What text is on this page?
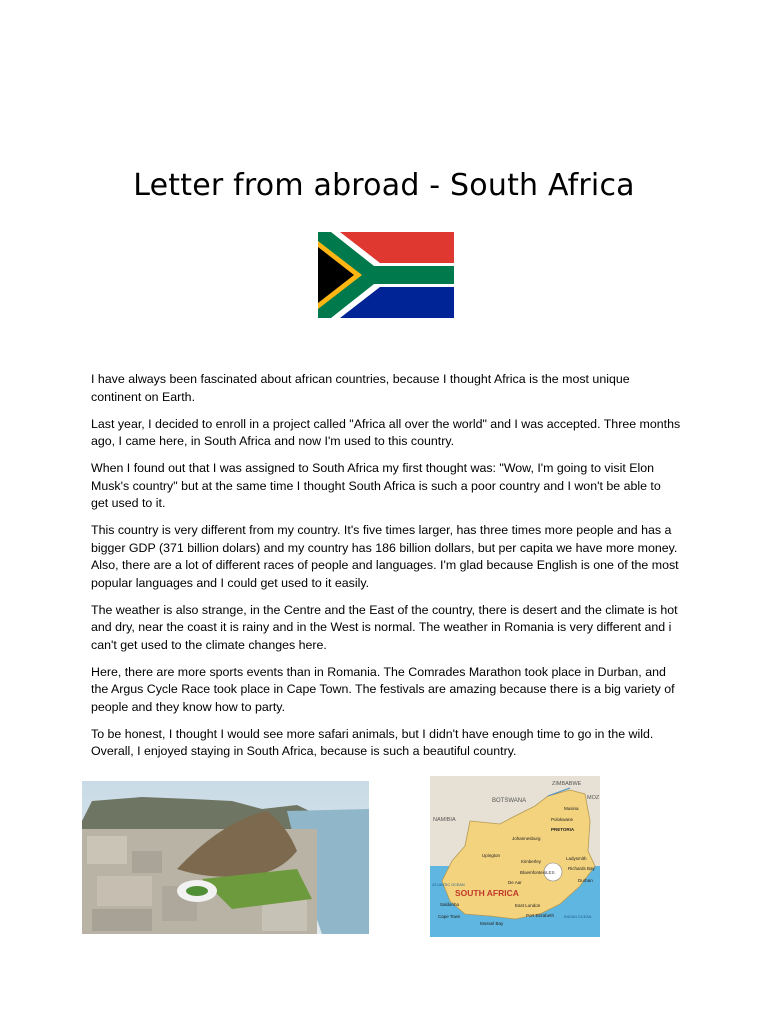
Letter from abroad - South Africa

I have always been fascinated about african countries, because I thought Africa is the most unique continent on Earth.

Last year, I decided to enroll in a project called "Africa all over the world" and I was accepted. Three months ago, I came here, in South Africa and now I'm used to this country.

When I found out that I was assigned to South Africa my first thought was: "Wow, I'm going to visit Elon Musk's country" but at the same time I thought South Africa is such a poor country and I won't be able to get used to it.

This country is very different from my country. It's five times larger, has three times more people and has a bigger GDP (371 billion dolars) and my country has 186 billion dollars, but per capita we have more money. Also, there are a lot of different races of people and languages. I'm glad because English is one of the most popular languages and I could get used to it easily.

The weather is also strange, in the Centre and the East of the country, there is desert and the climate is hot and dry, near the coast it is rainy and in the West is normal. The weather in Romania is very different and i can't get used to the climate changes here.

Here, there are more sports events than in Romania. The Comrades Marathon took place in Durban, and the Argus Cycle Race took place in Cape Town. The festivals are amazing because there is a big variety of people and they know how to party.

To be honest, I thought I would see more safari animals, but I didn't have enough time to go in the wild. Overall, I enjoyed staying in South Africa, because is such a beautiful country.

ZIMBABWE
MOZ
BOTSWANA
NAMIBIA
LES.
Musina
Polokwane
PRETORIA
Johannesburg
Upington
Kimberley
Ladysmith
Bloemfontein
Richards Bay
De Aar	Durban
SOUTH AFRICA
East London
Saldanha
Cape Town	Port Elizabeth
Mossel Bay
ATLANTIC OCEAN
INDIAN OCEAN
